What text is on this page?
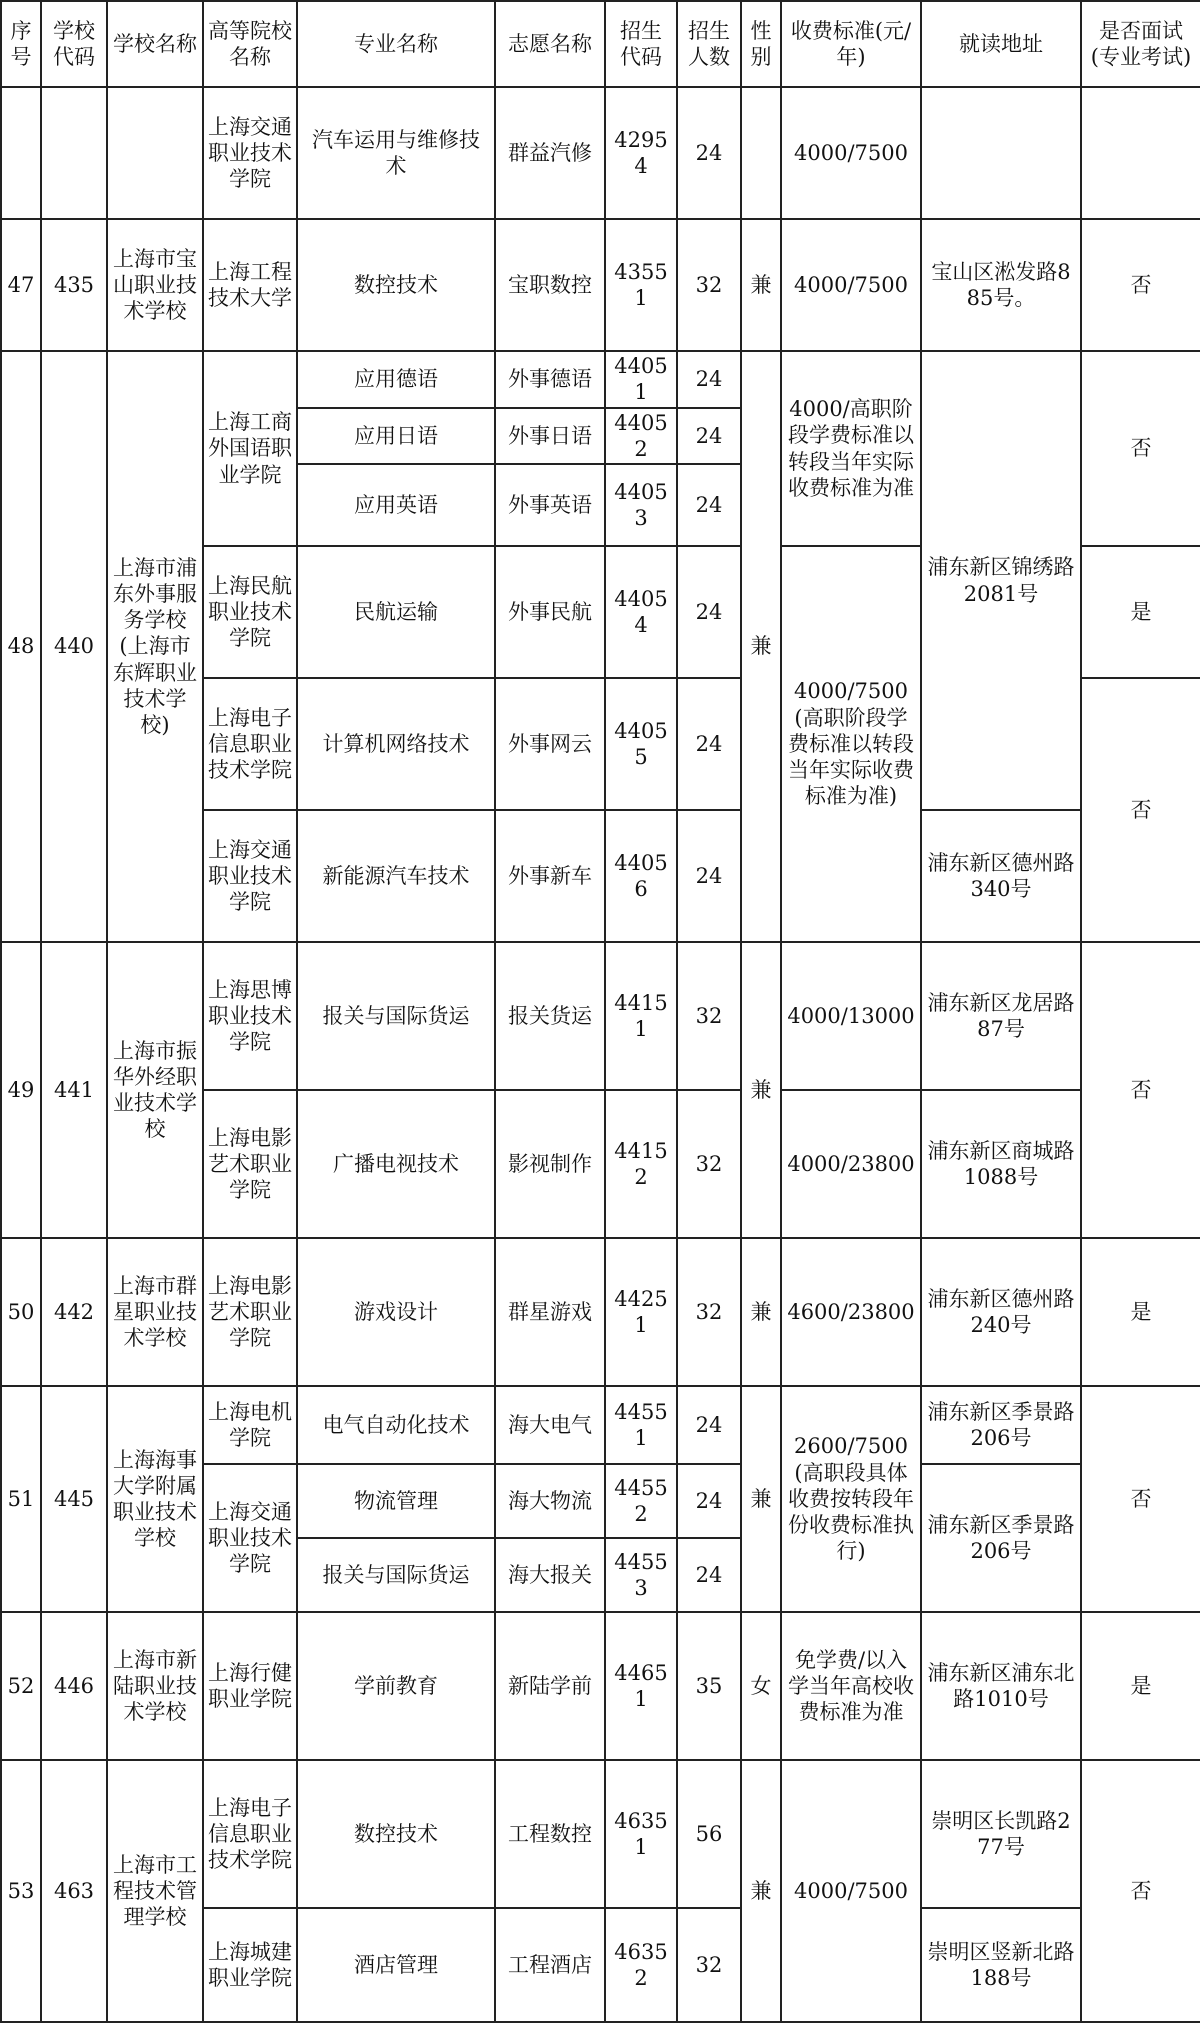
序号	学校代码	学校名称	高等院校名称	专业名称	志愿名称	招生代码	招生人数	性别	收费标准(元/年)	就读地址	是否面试(专业考试)
			上海交通职业技术学院	汽车运用与维修技术	群益汽修	42954	24		4000/7500		
47	435	上海市宝山职业技术学校	上海工程技术大学	数控技术	宝职数控	43551	32	兼	4000/7500	宝山区淞发路885号。	否
48	440	上海市浦东外事服务学校(上海市东辉职业技术学校)	上海工商外国语职业学院	应用德语	外事德语	44051	24	兼	4000/高职阶段学费标准以转段当年实际收费标准为准	浦东新区锦绣路2081号	否
				应用日语	外事日语	44052	24				
				应用英语	外事英语	44053	24				
			上海民航职业技术学院	民航运输	外事民航	44054	24		4000/7500(高职阶段学费标准以转段当年实际收费标准为准)		是
			上海电子信息职业技术学院	计算机网络技术	外事网云	44055	24				否
			上海交通职业技术学院	新能源汽车技术	外事新车	44056	24			浦东新区德州路340号	
49	441	上海市振华外经职业技术学校	上海思博职业技术学院	报关与国际货运	报关货运	44151	32	兼	4000/13000	浦东新区龙居路87号	否
			上海电影艺术职业学院	广播电视技术	影视制作	44152	32		4000/23800	浦东新区商城路1088号	
50	442	上海市群星职业技术学校	上海电影艺术职业学院	游戏设计	群星游戏	44251	32	兼	4600/23800	浦东新区德州路240号	是
51	445	上海海事大学附属职业技术学校	上海电机学院	电气自动化技术	海大电气	44551	24	兼	2600/7500(高职段具体收费按转段年份收费标准执行)	浦东新区季景路206号	否
			上海交通职业技术学院	物流管理	海大物流	44552	24			浦东新区季景路206号	
				报关与国际货运	海大报关	44553	24				
52	446	上海市新陆职业技术学校	上海行健职业学院	学前教育	新陆学前	44651	35	女	免学费/以入学当年高校收费标准为准	浦东新区浦东北路1010号	是
53	463	上海市工程技术管理学校	上海电子信息职业技术学院	数控技术	工程数控	46351	56	兼	4000/7500	崇明区长凯路277号	否
			上海城建职业学院	酒店管理	工程酒店	46352	32			崇明区竖新北路188号	
